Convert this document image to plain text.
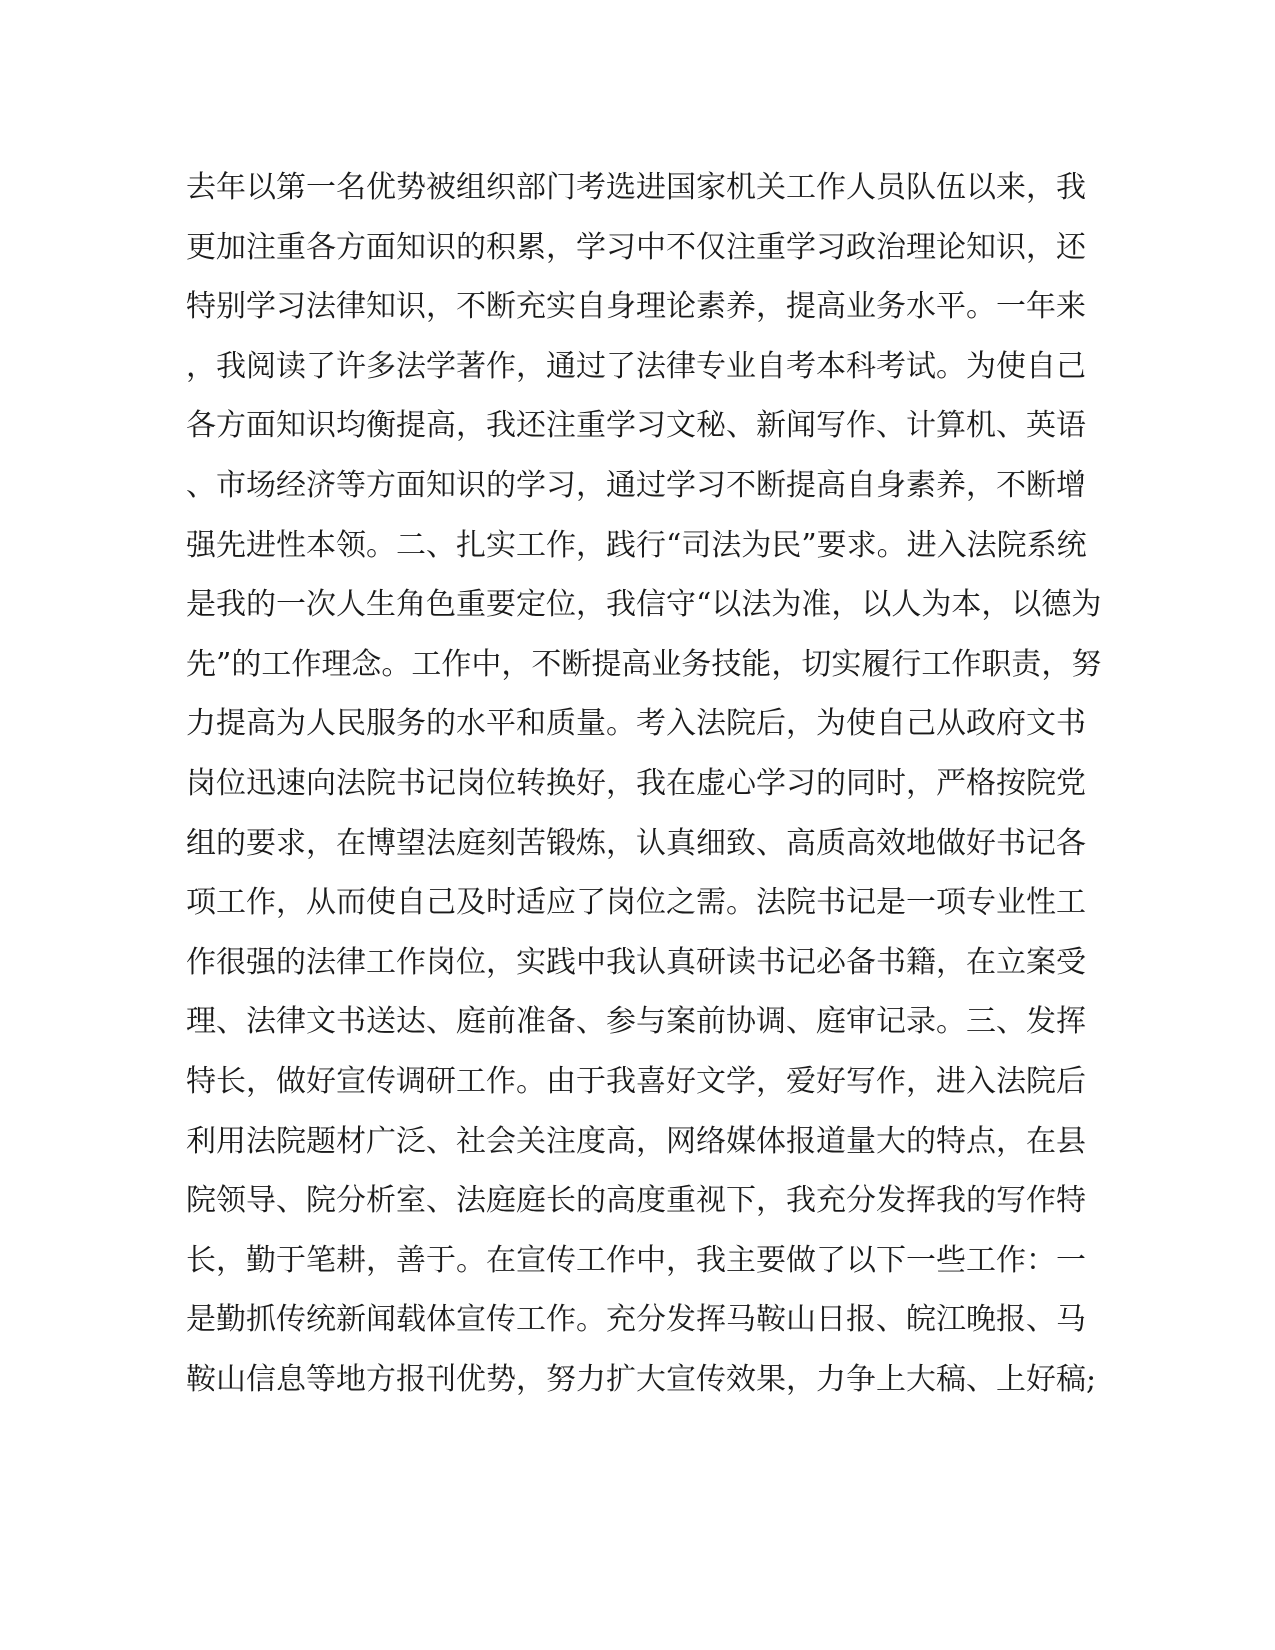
去年以第一名优势被组织部门考选进国家机关工作人员队伍以来，我
更加注重各方面知识的积累，学习中不仅注重学习政治理论知识，还
特别学习法律知识，不断充实自身理论素养，提高业务水平。一年来
，我阅读了许多法学著作，通过了法律专业自考本科考试。为使自己
各方面知识均衡提高，我还注重学习文秘、新闻写作、计算机、英语
、市场经济等方面知识的学习，通过学习不断提高自身素养，不断增
强先进性本领。二、扎实工作，践行“司法为民”要求。进入法院系统
是我的一次人生角色重要定位，我信守“以法为准，以人为本，以德为
先”的工作理念。工作中，不断提高业务技能，切实履行工作职责，努
力提高为人民服务的水平和质量。考入法院后，为使自己从政府文书
岗位迅速向法院书记岗位转换好，我在虚心学习的同时，严格按院党
组的要求，在博望法庭刻苦锻炼，认真细致、高质高效地做好书记各
项工作，从而使自己及时适应了岗位之需。法院书记是一项专业性工
作很强的法律工作岗位，实践中我认真研读书记必备书籍，在立案受
理、法律文书送达、庭前准备、参与案前协调、庭审记录。三、发挥
特长，做好宣传调研工作。由于我喜好文学，爱好写作，进入法院后
利用法院题材广泛、社会关注度高，网络媒体报道量大的特点，在县
院领导、院分析室、法庭庭长的高度重视下，我充分发挥我的写作特
长，勤于笔耕，善于。在宣传工作中，我主要做了以下一些工作：一
是勤抓传统新闻载体宣传工作。充分发挥马鞍山日报、皖江晚报、马
鞍山信息等地方报刊优势，努力扩大宣传效果，力争上大稿、上好稿;
